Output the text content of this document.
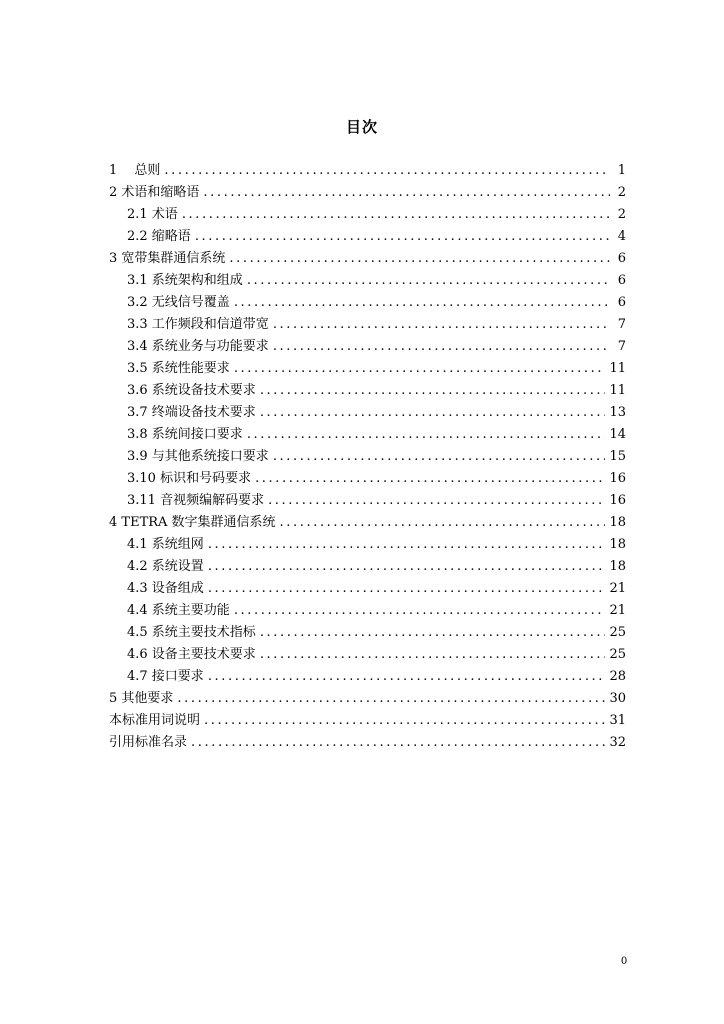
目次
1　 总则 .....	1
2 术语和缩略语 .....	2
2.1 术语 .....	2
2.2 缩略语 .....	4
3 宽带集群通信系统 .....	6
3.1 系统架构和组成 .....	6
3.2 无线信号覆盖 .....	6
3.3 工作频段和信道带宽 .....	7
3.4 系统业务与功能要求 .....	7
3.5 系统性能要求 .....	11
3.6 系统设备技术要求 .....	11
3.7 终端设备技术要求 .....	13
3.8 系统间接口要求 .....	14
3.9 与其他系统接口要求 .....	15
3.10 标识和号码要求 .....	16
3.11 音视频编解码要求 .....	16
4 TETRA 数字集群通信系统 .....	18
4.1 系统组网 .....	18
4.2 系统设置 .....	18
4.3 设备组成 .....	21
4.4 系统主要功能 .....	21
4.5 系统主要技术指标 .....	25
4.6 设备主要技术要求 .....	25
4.7 接口要求 .....	28
5 其他要求 .....	30
本标准用词说明 .....	31
引用标准名录 .....	32
0
